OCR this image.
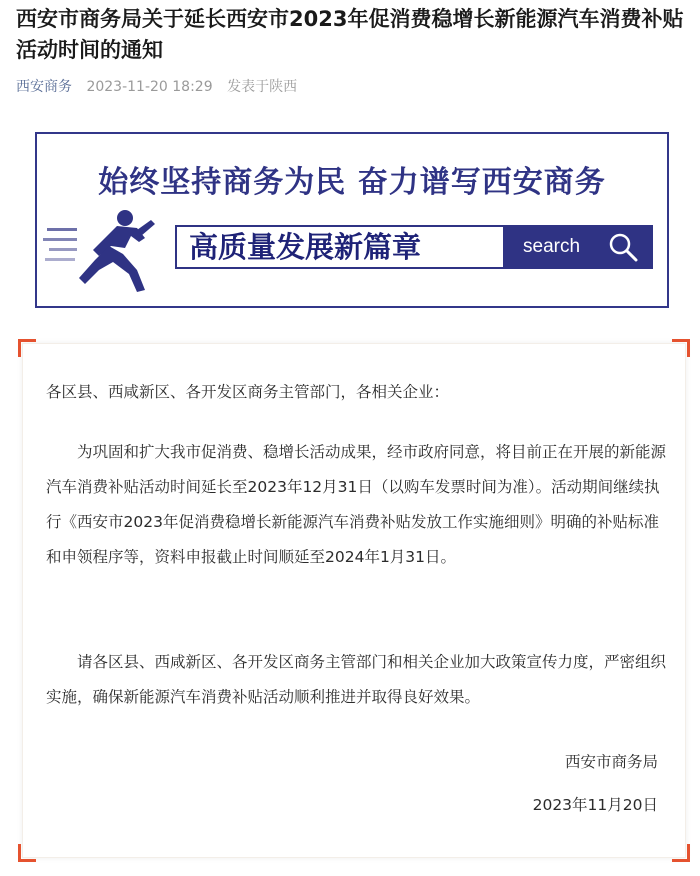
西安市商务局关于延长西安市2023年促消费稳增长新能源汽车消费补贴活动时间的通知
西安商务 2023-11-20 18:29 发表于陕西
始终坚持商务为民 奋力谱写西安商务
高质量发展新篇章	search

各区县、西咸新区、各开发区商务主管部门，各相关企业：

为巩固和扩大我市促消费、稳增长活动成果，经市政府同意，将目前正在开展的新能源汽车消费补贴活动时间延长至2023年12月31日（以购车发票时间为准）。活动期间继续执行《西安市2023年促消费稳增长新能源汽车消费补贴发放工作实施细则》明确的补贴标准和申领程序等，资料申报截止时间顺延至2024年1月31日。

请各区县、西咸新区、各开发区商务主管部门和相关企业加大政策宣传力度，严密组织实施，确保新能源汽车消费补贴活动顺利推进并取得良好效果。

西安市商务局
2023年11月20日
